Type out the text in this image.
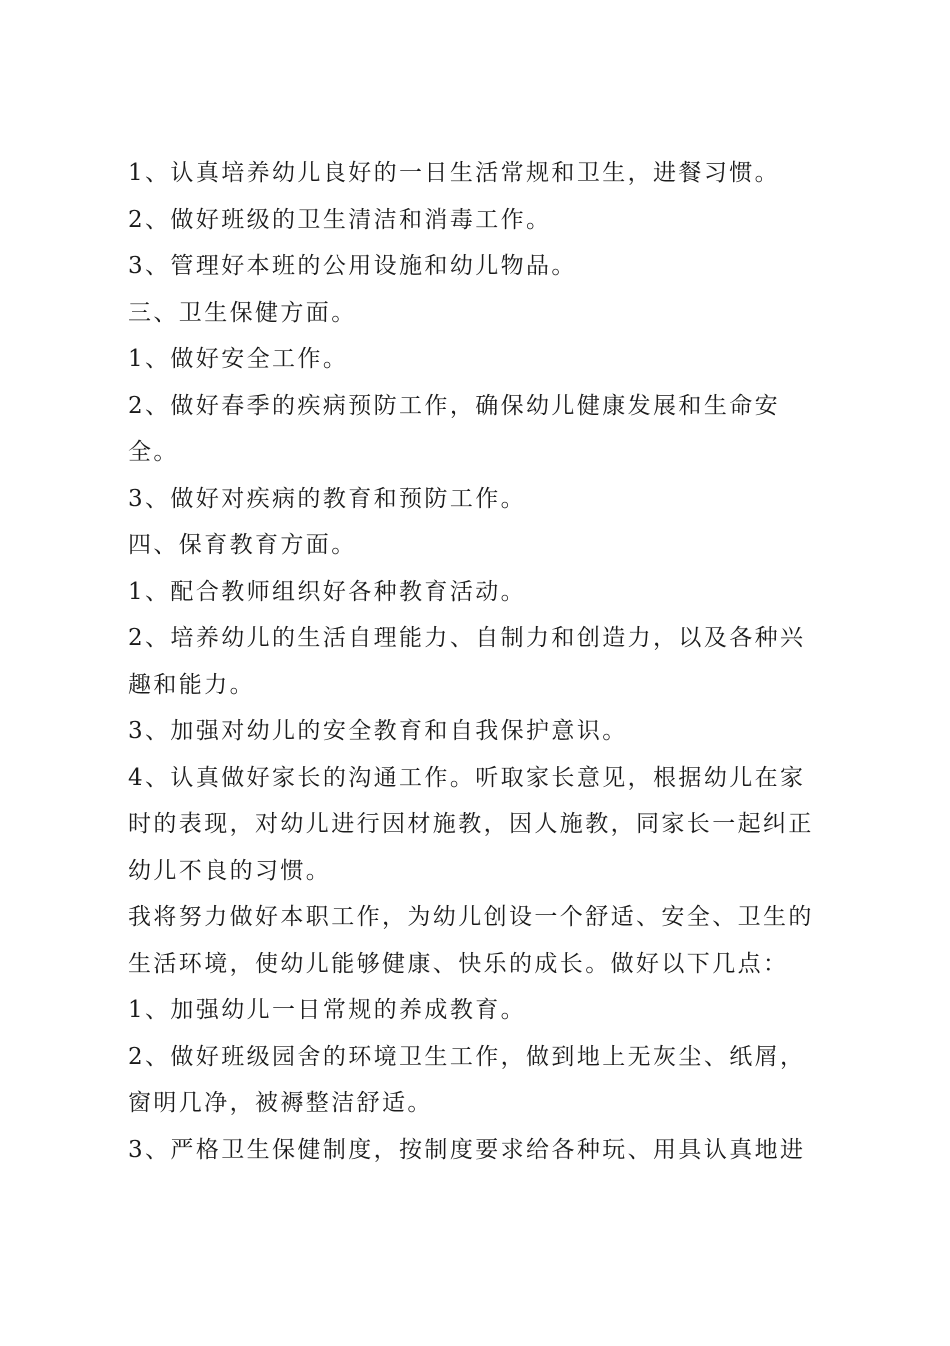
1、认真培养幼儿良好的一日生活常规和卫生，进餐习惯。
2、做好班级的卫生清洁和消毒工作。
3、管理好本班的公用设施和幼儿物品。
三、卫生保健方面。
1、做好安全工作。
2、做好春季的疾病预防工作，确保幼儿健康发展和生命安
全。
3、做好对疾病的教育和预防工作。
四、保育教育方面。
1、配合教师组织好各种教育活动。
2、培养幼儿的生活自理能力、自制力和创造力，以及各种兴
趣和能力。
3、加强对幼儿的安全教育和自我保护意识。
4、认真做好家长的沟通工作。听取家长意见，根据幼儿在家
时的表现，对幼儿进行因材施教，因人施教，同家长一起纠正
幼儿不良的习惯。
我将努力做好本职工作，为幼儿创设一个舒适、安全、卫生的
生活环境，使幼儿能够健康、快乐的成长。做好以下几点：
1、加强幼儿一日常规的养成教育。
2、做好班级园舍的环境卫生工作，做到地上无灰尘、纸屑，
窗明几净，被褥整洁舒适。
3、严格卫生保健制度，按制度要求给各种玩、用具认真地进
